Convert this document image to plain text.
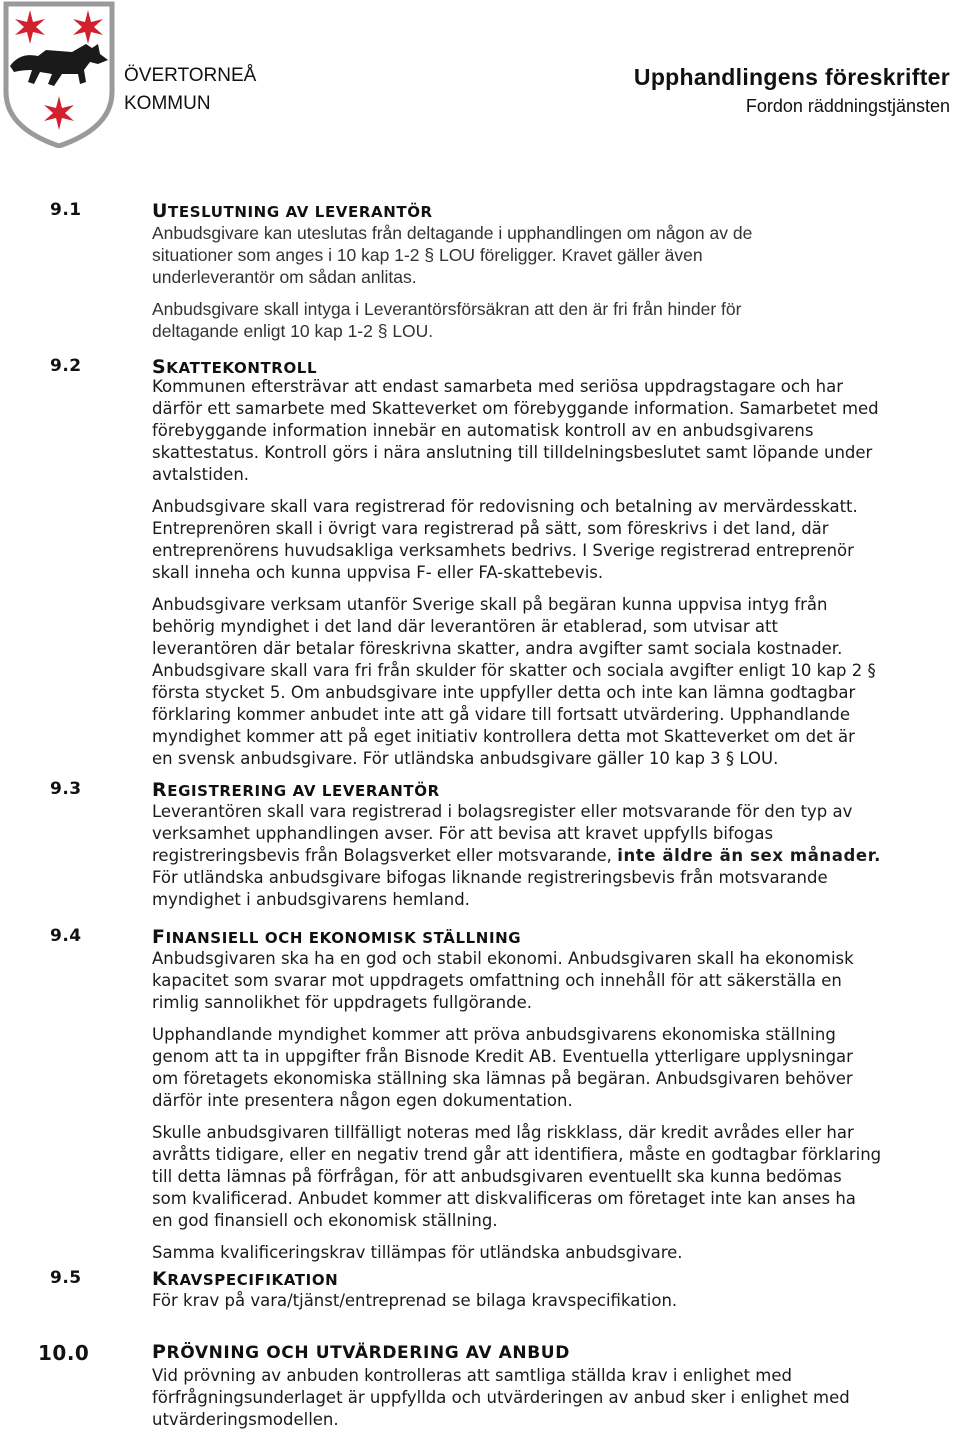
ÖVERTORNEÅ
KOMMUN
Upphandlingens föreskrifter
Fordon räddningstjänsten
9.1	UTESLUTNING AV LEVERANTÖR
Anbudsgivare kan uteslutas från deltagande i upphandlingen om någon av de
situationer som anges i 10 kap 1-2 § LOU föreligger. Kravet gäller även
underleverantör om sådan anlitas.
Anbudsgivare skall intyga i Leverantörsförsäkran att den är fri från hinder för
deltagande enligt 10 kap 1-2 § LOU.
9.2	SKATTEKONTROLL
Kommunen eftersträvar att endast samarbeta med seriösa uppdragstagare och har
därför ett samarbete med Skatteverket om förebyggande information. Samarbetet med
förebyggande information innebär en automatisk kontroll av en anbudsgivarens
skattestatus. Kontroll görs i nära anslutning till tilldelningsbeslutet samt löpande under
avtalstiden.
Anbudsgivare skall vara registrerad för redovisning och betalning av mervärdesskatt.
Entreprenören skall i övrigt vara registrerad på sätt, som föreskrivs i det land, där
entreprenörens huvudsakliga verksamhets bedrivs. I Sverige registrerad entreprenör
skall inneha och kunna uppvisa F- eller FA-skattebevis.
Anbudsgivare verksam utanför Sverige skall på begäran kunna uppvisa intyg från
behörig myndighet i det land där leverantören är etablerad, som utvisar att
leverantören där betalar föreskrivna skatter, andra avgifter samt sociala kostnader.
Anbudsgivare skall vara fri från skulder för skatter och sociala avgifter enligt 10 kap 2 §
första stycket 5. Om anbudsgivare inte uppfyller detta och inte kan lämna godtagbar
förklaring kommer anbudet inte att gå vidare till fortsatt utvärdering. Upphandlande
myndighet kommer att på eget initiativ kontrollera detta mot Skatteverket om det är
en svensk anbudsgivare. För utländska anbudsgivare gäller 10 kap 3 § LOU.
9.3	REGISTRERING AV LEVERANTÖR
Leverantören skall vara registrerad i bolagsregister eller motsvarande för den typ av
verksamhet upphandlingen avser. För att bevisa att kravet uppfylls bifogas
registreringsbevis från Bolagsverket eller motsvarande, inte äldre än sex månader.
För utländska anbudsgivare bifogas liknande registreringsbevis från motsvarande
myndighet i anbudsgivarens hemland.
9.4	FINANSIELL OCH EKONOMISK STÄLLNING
Anbudsgivaren ska ha en god och stabil ekonomi. Anbudsgivaren skall ha ekonomisk
kapacitet som svarar mot uppdragets omfattning och innehåll för att säkerställa en
rimlig sannolikhet för uppdragets fullgörande.
Upphandlande myndighet kommer att pröva anbudsgivarens ekonomiska ställning
genom att ta in uppgifter från Bisnode Kredit AB. Eventuella ytterligare upplysningar
om företagets ekonomiska ställning ska lämnas på begäran. Anbudsgivaren behöver
därför inte presentera någon egen dokumentation.
Skulle anbudsgivaren tillfälligt noteras med låg riskklass, där kredit avrådes eller har
avråtts tidigare, eller en negativ trend går att identifiera, måste en godtagbar förklaring
till detta lämnas på förfrågan, för att anbudsgivaren eventuellt ska kunna bedömas
som kvalificerad. Anbudet kommer att diskvalificeras om företaget inte kan anses ha
en god finansiell och ekonomisk ställning.
Samma kvalificeringskrav tillämpas för utländska anbudsgivare.
9.5	KRAVSPECIFIKATION
För krav på vara/tjänst/entreprenad se bilaga kravspecifikation.
10.0	PRÖVNING OCH UTVÄRDERING AV ANBUD
Vid prövning av anbuden kontrolleras att samtliga ställda krav i enlighet med
förfrågningsunderlaget är uppfyllda och utvärderingen av anbud sker i enlighet med
utvärderingsmodellen.
